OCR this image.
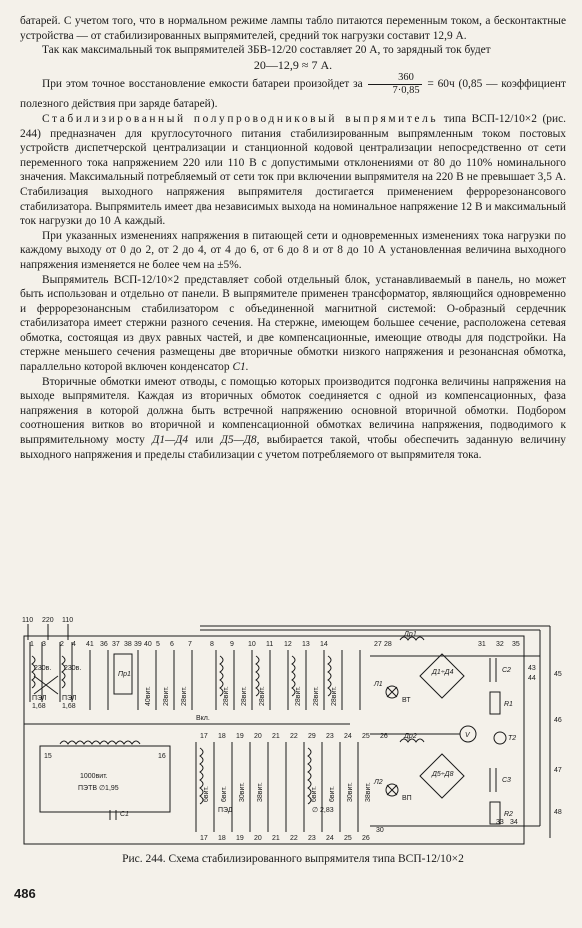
батарей. С учетом того, что в нормальном режиме лампы табло питаются переменным током, а бесконтактные устройства — от стабилизированных выпрямителей, средний ток нагрузки составит 12,9 А.

Так как максимальный ток выпрямителей ЗБВ-12/20 составляет 20 А, то зарядный ток будет

20—12,9 ≈ 7 А.

При этом точное восстановление емкости батареи произойдет за $\frac{360}{7\cdot 0,85} = 60ч$ (0,85 — коэффициент полезного действия при заряде батарей).

Стабилизированный полупроводниковый выпрямитель типа ВСП-12/10×2 (рис. 244) предназначен для круглосуточного питания стабилизированным выпрямленным током постовых устройств диспетчерской централизации и станционной кодовой централизации непосредственно от сети переменного тока напряжением 220 или 110 В с допустимыми отклонениями от 80 до 110% номинального значения. Максимальный потребляемый от сети ток при включении выпрямителя на 220 В не превышает 3,5 А. Стабилизация выходного напряжения выпрямителя достигается применением феррорезонансового стабилизатора. Выпрямитель имеет два независимых выхода на номинальное напряжение 12 В и максимальный ток нагрузки до 10 А каждый.

При указанных изменениях напряжения в питающей сети и одновременных изменениях тока нагрузки по каждому выходу от 0 до 2, от 2 до 4, от 4 до 6, от 6 до 8 и от 8 до 10 А установленная величина выходного напряжения изменяется не более чем на ±5%.

Выпрямитель ВСП-12/10×2 представляет собой отдельный блок, устанавливаемый в панель, но может быть использован и отдельно от панели. В выпрямителе применен трансформатор, являющийся одновременно и феррорезонансным стабилизатором с объединенной магнитной системой: О-образный сердечник стабилизатора имеет стержни разного сечения. На стержне, имеющем большее сечение, расположена сетевая обмотка, состоящая из двух равных частей, и две компенсационные, имеющие отводы для подстройки. На стержне меньшего сечения размещены две вторичные обмотки низкого напряжения и резонансная обмотка, параллельно которой включен конденсатор С1.

Вторичные обмотки имеют отводы, с помощью которых производится подгонка величины напряжения на выходе выпрямителя. Каждая из вторичных обмоток соединяется с одной из компенсационных, фаза напряжения в которой должна быть встречной напряжению основной вторичной обмотки. Подбором соотношения витков во вторичной и компенсационной обмотках величина напряжения, подводимого к выпрямительному мосту Д1—Д4 или Д5—Д8, выбирается такой, чтобы обеспечить заданную величину выходного напряжения и пределы стабилизации с учетом потребляемого от выпрямителя тока.

110 220 110
230в. 230в.
ПЭЛ
1,68
ПЭЛ
1,68
Пр1
Вкл.
1000вит.
ПЭТВ ∅1,95
15	16
С1
ПЭД	∅ 2,83
Др1
Др2
Д1÷Д4
Д5÷Д8
С2
С3
R1
R2
Л1
Л2
ВТ
ВП
V	Т2
31 32
33 34
35
43
44
45
46
47
48
30
1 3 2 4 41 36 37 38 39 40 5 6 7	8 9 10 11 12 13 14	28
27
40вит. 28вит. 28вит.	28вит. 28вит. 28вит.	28вит. 28вит. 28вит.
17 18 19 20 21 22 29 23 24 25 26
6вит. 6вит. 30вит. 38вит.	6вит. 6вит. 30вит. 38вит.
17 18 19 20 21 22 23 24 25 26
Рис. 244. Схема стабилизированного выпрямителя типа ВСП-12/10×2
486
